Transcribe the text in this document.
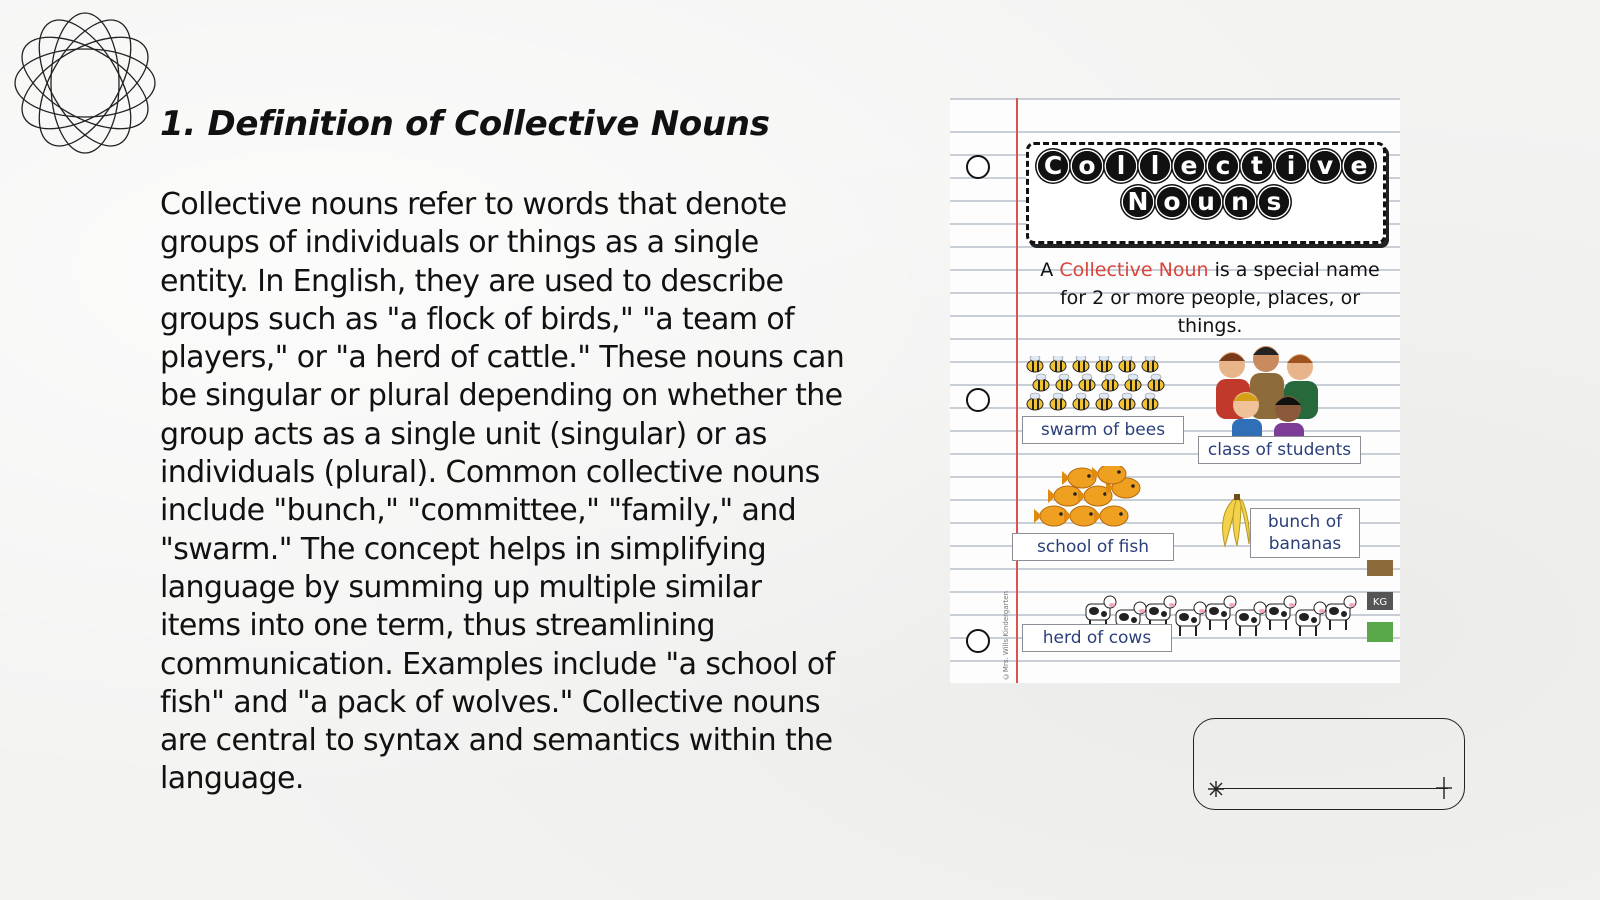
1. Definition of Collective Nouns
Collective nouns refer to words that denote groups of individuals or things as a single entity. In English, they are used to describe groups such as "a flock of birds," "a team of players," or "a herd of cattle." These nouns can be singular or plural depending on whether the group acts as a single unit (singular) or as individuals (plural). Common collective nouns include "bunch," "committee," "family," and "swarm." The concept helps in simplifying language by summing up multiple similar items into one term, thus streamlining communication. Examples include "a school of fish" and "a pack of wolves." Collective nouns are central to syntax and semantics within the language.
C o l	l e c t i v e
N o u n s
A Collective Noun is a special name for 2 or more people, places, or things.
swarm of bees
class of students
school of fish
bunch of bananas
herd of cows
KG
©Mrs. Wills Kindergarten
